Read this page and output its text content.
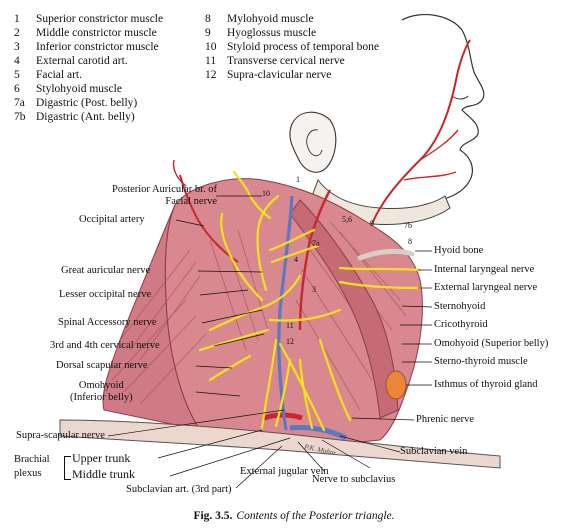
1 Superior constrictor muscle
2 Middle constrictor muscle
3 Inferior constrictor muscle
4 External carotid art.
5 Facial art.
6 Stylohyoid muscle
7a Digastric (Post. belly)
7b Digastric (Ant. belly)
8 Mylohyoid muscle
9 Hyoglossus muscle
10 Styloid process of temporal bone
11 Transverse cervical nerve
12 Supra-clavicular nerve
1
10
3
5,6
8
7a
7b
9
4
11
12
Posterior Auricular br. of
Facial nerve
Occipital artery
Great auricular nerve
Lesser occipital nerve
Spinal Accessory nerve
3rd and 4th cervical nerve
Dorsal scapular nerve
Omohyoid
(Inferior belly)
Supra-scapular nerve
Brachial
plexus
Upper trunk
Middle trunk
Hyoid bone
Internal laryngeal nerve
External laryngeal nerve
Sternohyoid
Cricothyroid
Omohyoid (Superior belly)
Sterno-thyroid muscle
Isthmus of thyroid gland
Phrenic nerve
Subclavian vein
External jugular vein
Nerve to subclavius
Subclavian art. (3rd part)
P.K. Mahar
Fig. 3.5. Contents of the Posterior triangle.
